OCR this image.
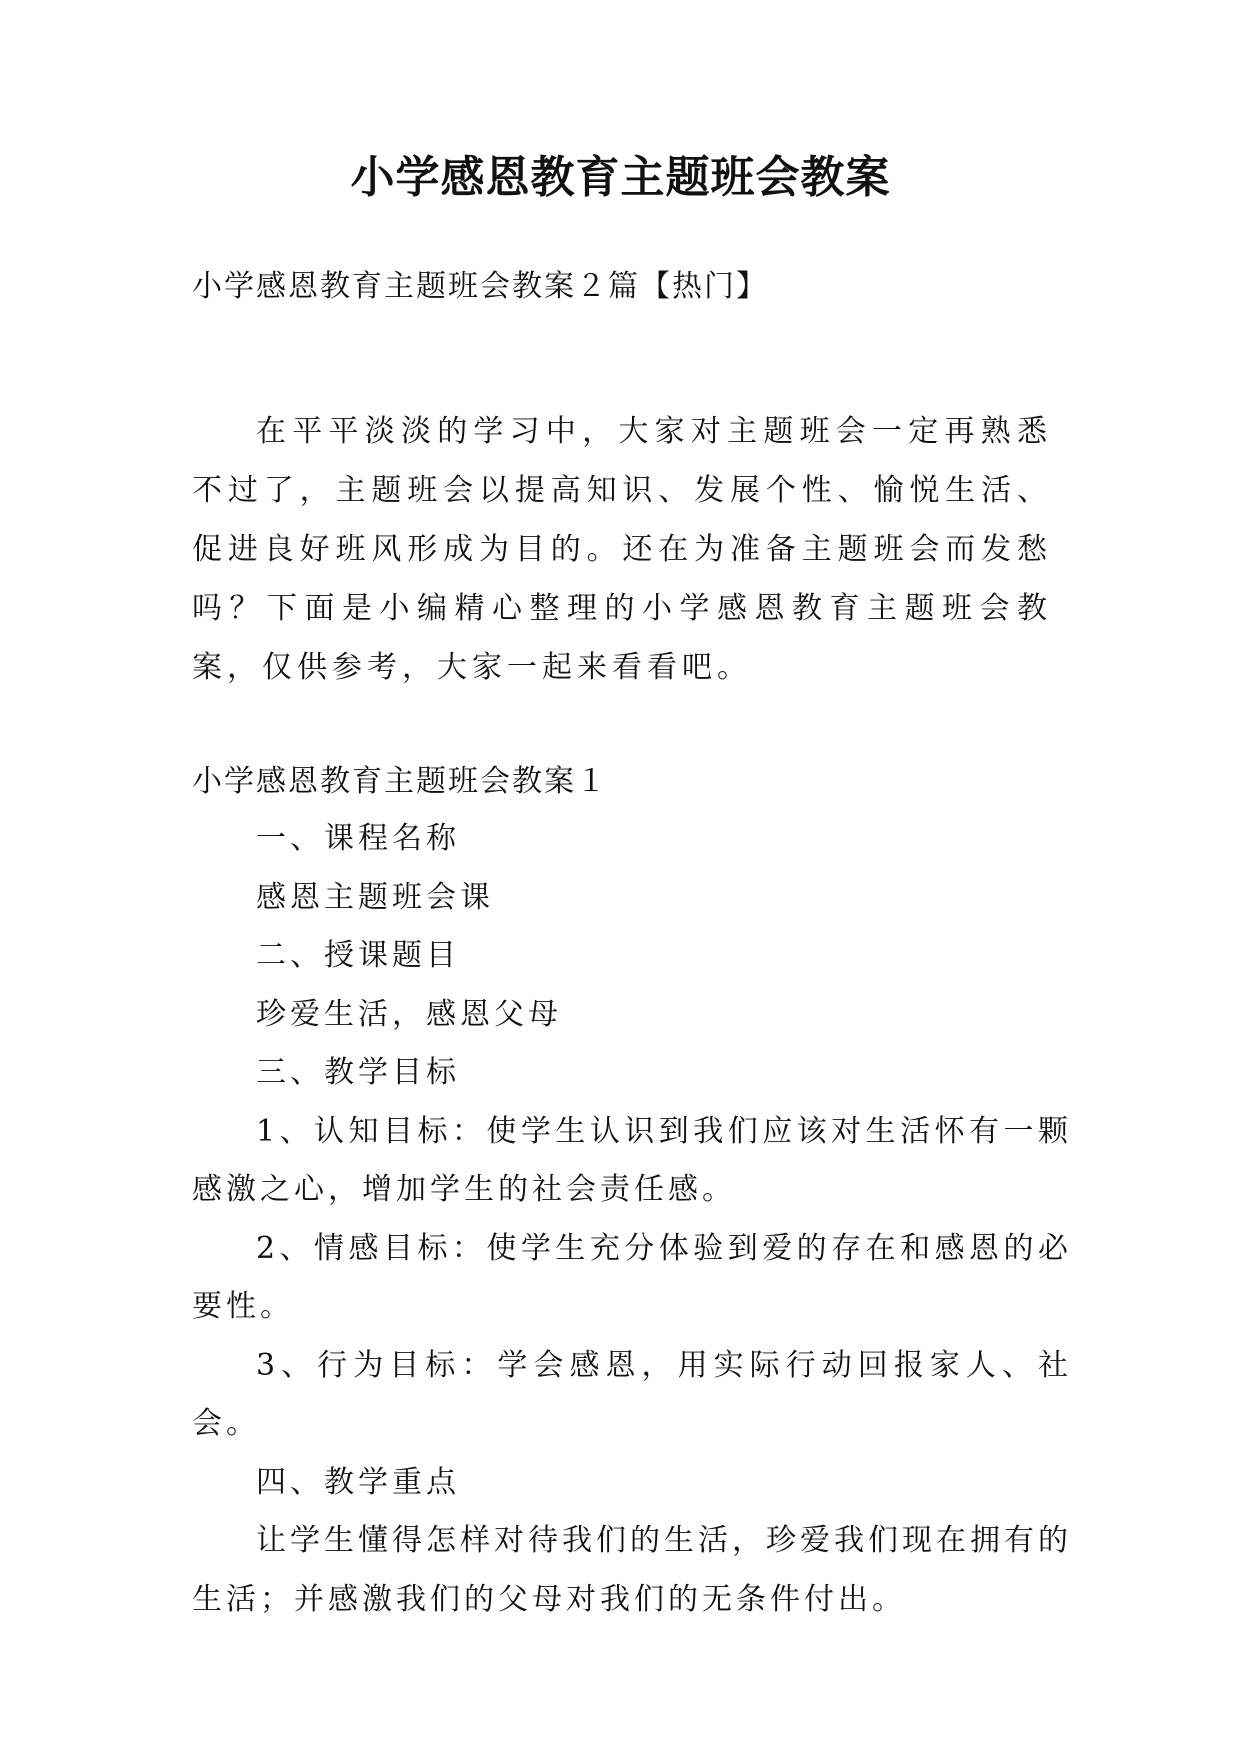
小学感恩教育主题班会教案

小学感恩教育主题班会教案２篇【热门】

在平平淡淡的学习中，大家对主题班会一定再熟悉不过了，主题班会以提高知识、发展个性、愉悦生活、促进良好班风形成为目的。还在为准备主题班会而发愁吗？下面是小编精心整理的小学感恩教育主题班会教案，仅供参考，大家一起来看看吧。

小学感恩教育主题班会教案１

一、课程名称

感恩主题班会课

二、授课题目

珍爱生活，感恩父母

三、教学目标

1、认知目标：使学生认识到我们应该对生活怀有一颗感激之心，增加学生的社会责任感。

2、情感目标：使学生充分体验到爱的存在和感恩的必要性。

3、行为目标：学会感恩，用实际行动回报家人、社会。

四、教学重点

让学生懂得怎样对待我们的生活，珍爱我们现在拥有的生活；并感激我们的父母对我们的无条件付出。
